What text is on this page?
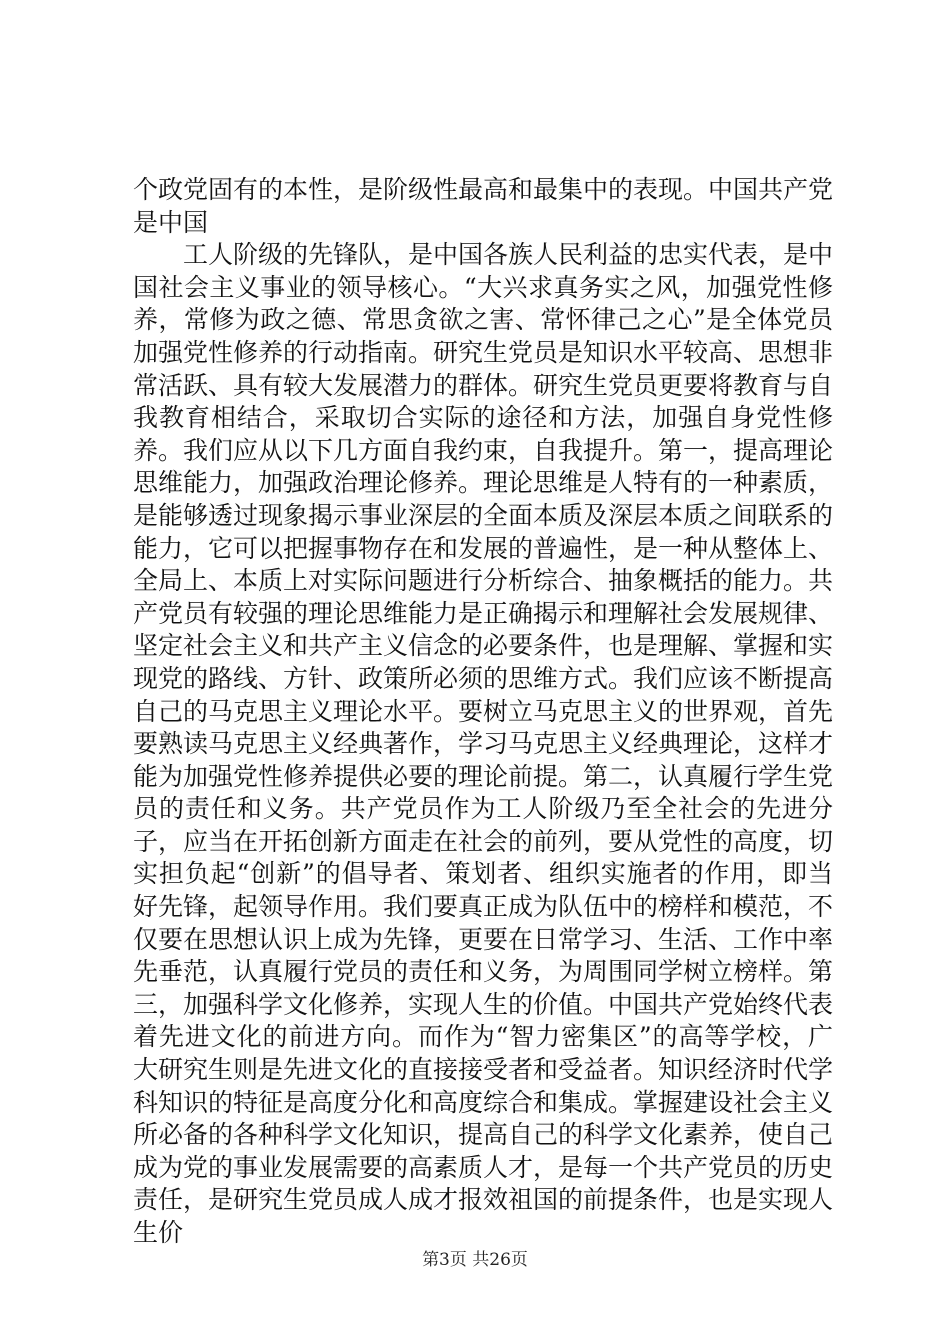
个政党固有的本性，是阶级性最高和最集中的表现。中国共产党是中国

工人阶级的先锋队，是中国各族人民利益的忠实代表，是中国社会主义事业的领导核心。“大兴求真务实之风，加强党性修养，常修为政之德、常思贪欲之害、常怀律己之心”是全体党员加强党性修养的行动指南。研究生党员是知识水平较高、思想非常活跃、具有较大发展潜力的群体。研究生党员更要将教育与自我教育相结合，采取切合实际的途径和方法，加强自身党性修养。我们应从以下几方面自我约束，自我提升。第一，提高理论思维能力，加强政治理论修养。理论思维是人特有的一种素质，是能够透过现象揭示事业深层的全面本质及深层本质之间联系的能力，它可以把握事物存在和发展的普遍性，是一种从整体上、全局上、本质上对实际问题进行分析综合、抽象概括的能力。共产党员有较强的理论思维能力是正确揭示和理解社会发展规律、坚定社会主义和共产主义信念的必要条件，也是理解、掌握和实现党的路线、方针、政策所必须的思维方式。我们应该不断提高自己的马克思主义理论水平。要树立马克思主义的世界观，首先要熟读马克思主义经典著作，学习马克思主义经典理论，这样才能为加强党性修养提供必要的理论前提。第二，认真履行学生党员的责任和义务。共产党员作为工人阶级乃至全社会的先进分子，应当在开拓创新方面走在社会的前列，要从党性的高度，切实担负起“创新”的倡导者、策划者、组织实施者的作用，即当好先锋，起领导作用。我们要真正成为队伍中的榜样和模范，不仅要在思想认识上成为先锋，更要在日常学习、生活、工作中率先垂范，认真履行党员的责任和义务，为周围同学树立榜样。第三，加强科学文化修养，实现人生的价值。中国共产党始终代表着先进文化的前进方向。而作为“智力密集区”的高等学校，广大研究生则是先进文化的直接接受者和受益者。知识经济时代学科知识的特征是高度分化和高度综合和集成。掌握建设社会主义所必备的各种科学文化知识，提高自己的科学文化素养，使自己成为党的事业发展需要的高素质人才，是每一个共产党员的历史责任，是研究生党员成人成才报效祖国的前提条件，也是实现人生价

第3页 共26页
